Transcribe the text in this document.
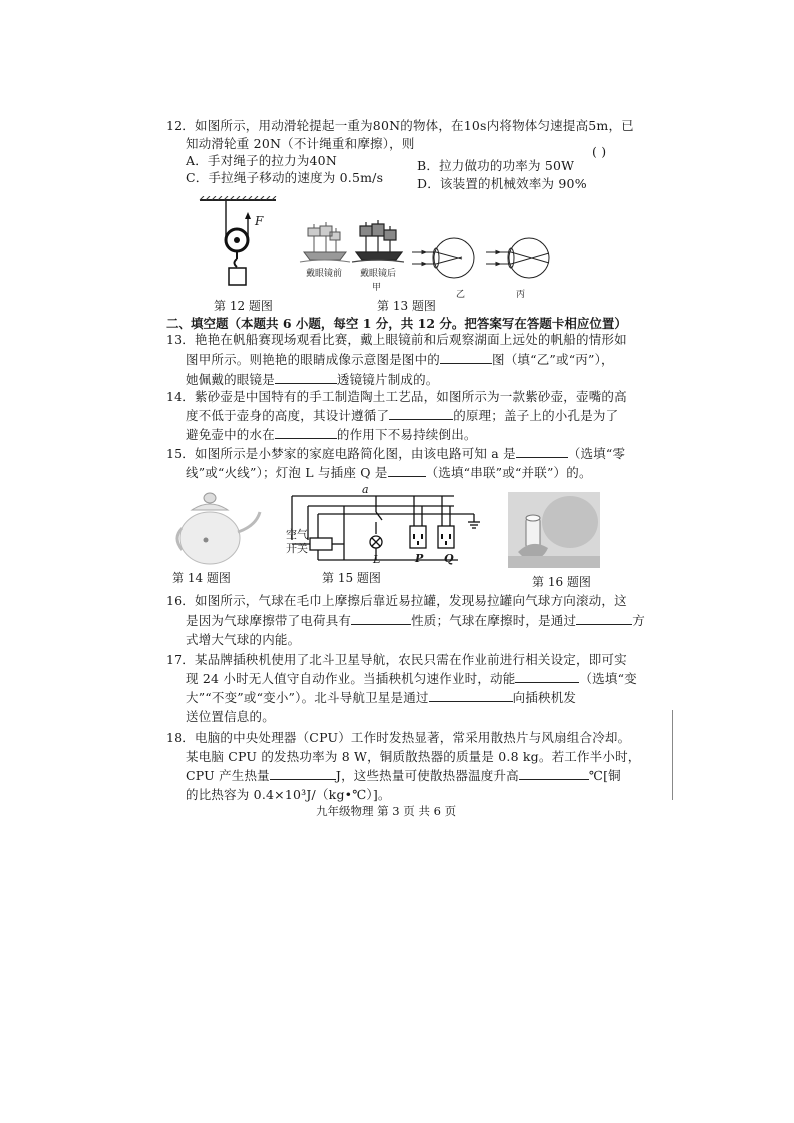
12．如图所示，用动滑轮提起一重为80N的物体，在10s内将物体匀速提高5m，已
知动滑轮重 20N（不计绳重和摩擦），则
( )
A．手对绳子的拉力为40N	B．拉力做功的功率为 50W
C．手拉绳子移动的速度为 0.5m/s	D．该装置的机械效率为 90%
F
第 12 题图
戴眼镜前 戴眼镜后
甲
乙	丙
第 13 题图
二、填空题（本题共 6 小题，每空 1 分，共 12 分。把答案写在答题卡相应位置）
13．艳艳在帆船赛现场观看比赛，戴上眼镜前和后观察湖面上远处的帆船的情形如
图甲所示。则艳艳的眼睛成像示意图是图中的	图（填“乙”或“丙”），
她佩戴的眼镜是	透镜镜片制成的。
14．紫砂壶是中国特有的手工制造陶土工艺品，如图所示为一款紫砂壶，壶嘴的高
度不低于壶身的高度，其设计遵循了	的原理；盖子上的小孔是为了
避免壶中的水在	的作用下不易持续倒出。
15．如图所示是小梦家的家庭电路简化图，由该电路可知 a 是	（选填“零
线”或“火线”）；灯泡 L 与插座 Q 是	（选填“串联”或“并联”）的。
第 14 题图
a
空气
开关
L	P Q
第 15 题图	第 16 题图
16．如图所示，气球在毛巾上摩擦后靠近易拉罐，发现易拉罐向气球方向滚动，这
是因为气球摩擦带了电荷具有	性质；气球在摩擦时，是通过	方
式增大气球的内能。
17．某品牌插秧机使用了北斗卫星导航，农民只需在作业前进行相关设定，即可实
现 24 小时无人值守自动作业。当插秧机匀速作业时，动能	（选填“变
大”“不变”或“变小”）。北斗导航卫星是通过	向插秧机发
送位置信息的。
18．电脑的中央处理器（CPU）工作时发热显著，常采用散热片与风扇组合冷却。
某电脑 CPU 的发热功率为 8 W，铜质散热器的质量是 0.8 kg。若工作半小时，
CPU 产生热量	J，这些热量可使散热器温度升高	℃[铜
的比热容为 0.4×10³J/（kg•℃）]。
九年级物理 第 3 页 共 6 页
